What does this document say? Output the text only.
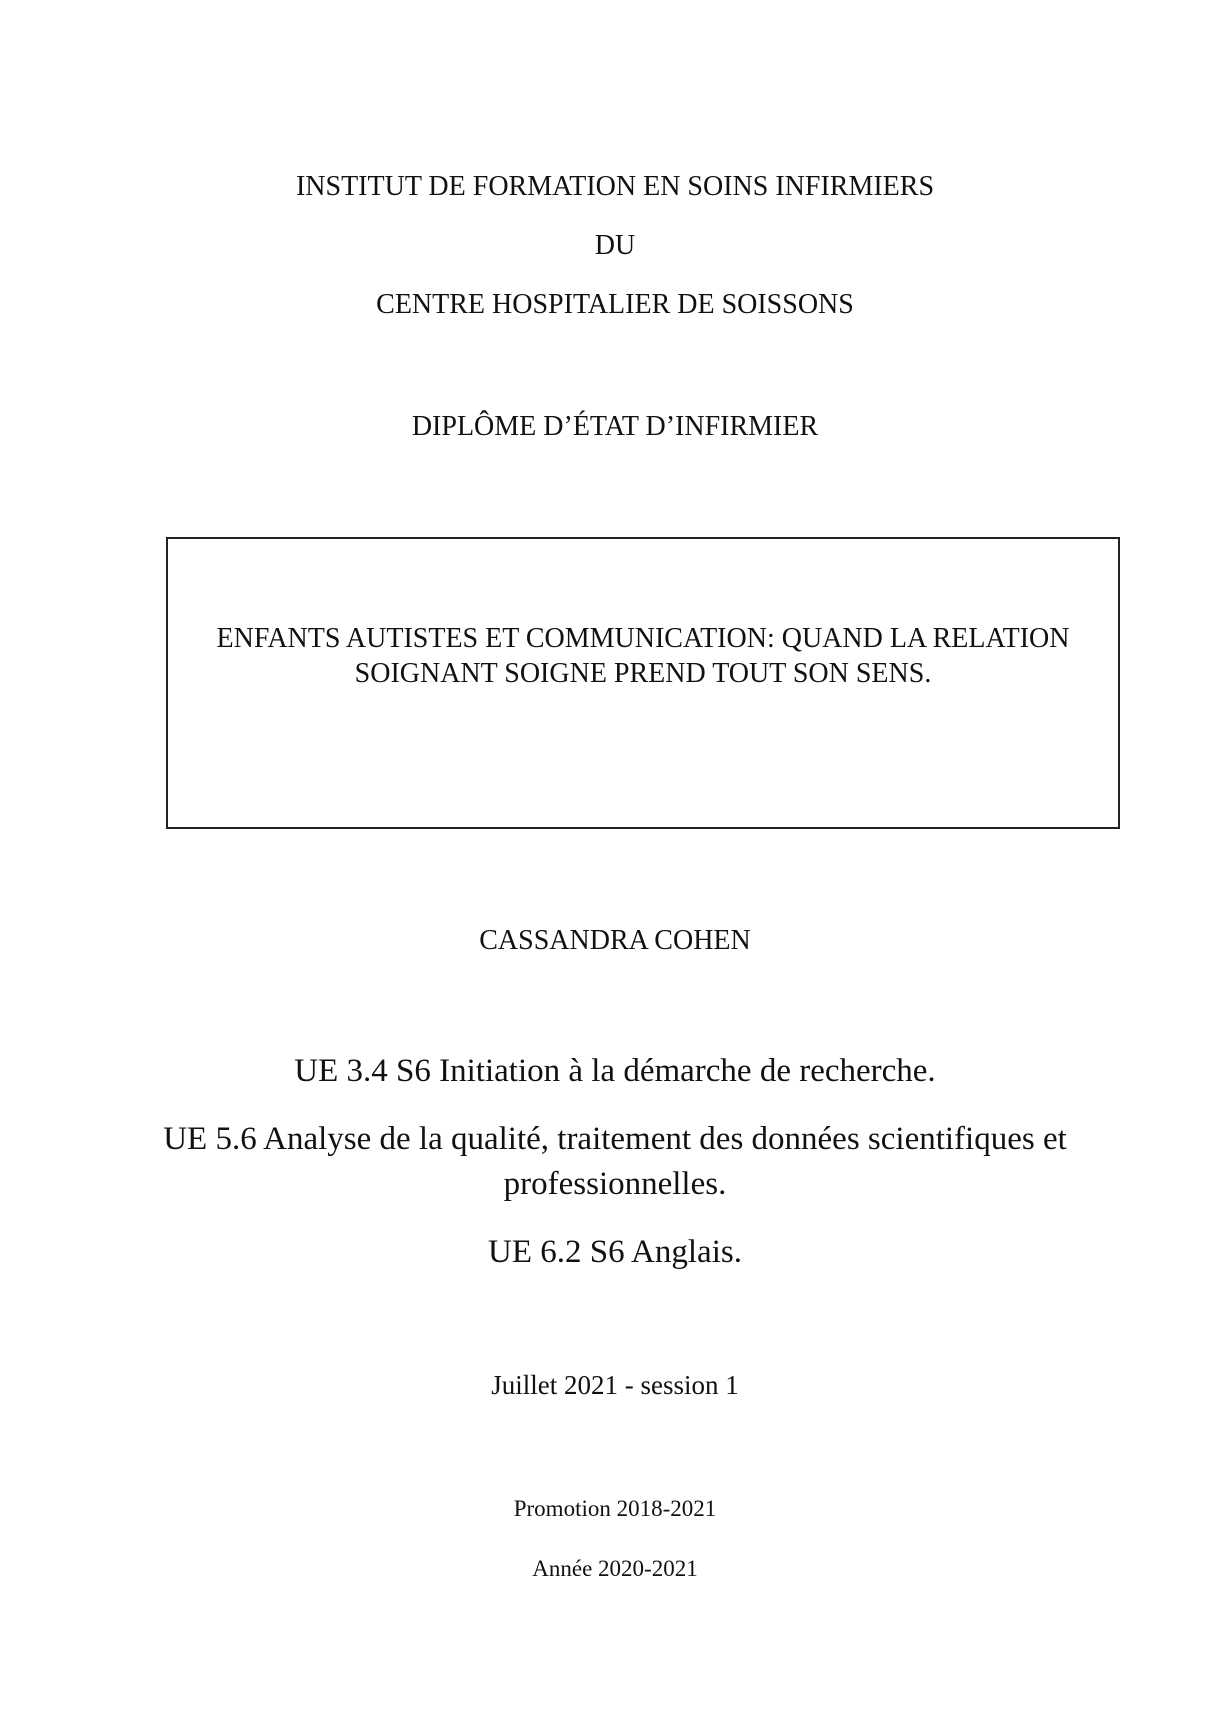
INSTITUT DE FORMATION EN SOINS INFIRMIERS
DU
CENTRE HOSPITALIER DE SOISSONS
DIPLÔME D’ÉTAT D’INFIRMIER
ENFANTS AUTISTES ET COMMUNICATION: QUAND LA RELATION
SOIGNANT SOIGNE PREND TOUT SON SENS.
CASSANDRA COHEN
UE 3.4 S6 Initiation à la démarche de recherche.
UE 5.6 Analyse de la qualité, traitement des données scientifiques et
professionnelles.
UE 6.2 S6 Anglais.
Juillet 2021 - session 1
Promotion 2018-2021
Année 2020-2021
